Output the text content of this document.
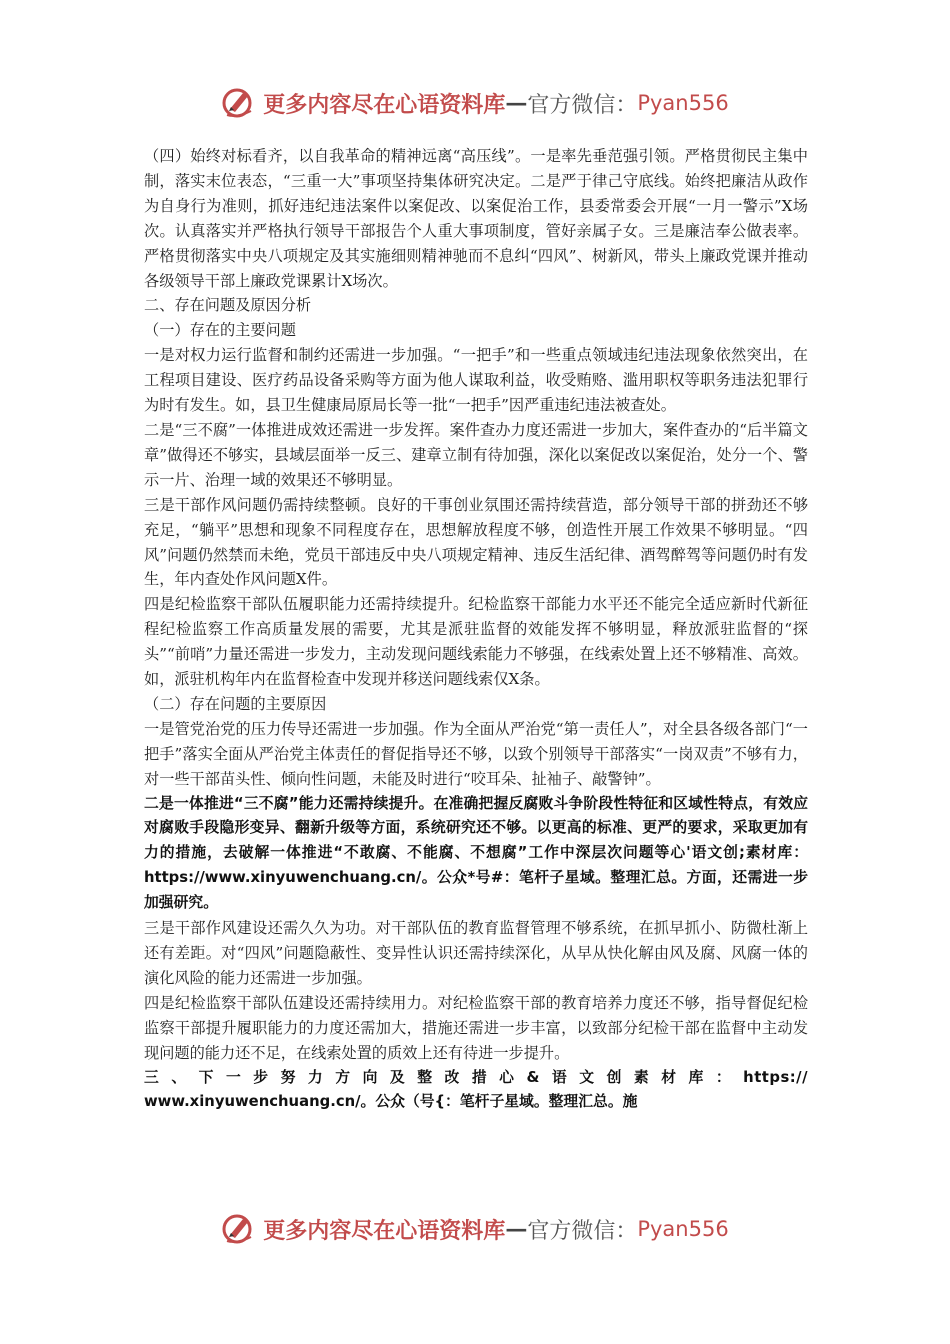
更多内容尽在心语资料库 — 官方微信： Pyan556

（四）始终对标看齐，以自我革命的精神远离“高压线”。一是率先垂范强引领。严格贯彻民主集中制，落实末位表态，“三重一大”事项坚持集体研究决定。二是严于律己守底线。始终把廉洁从政作为自身行为准则，抓好违纪违法案件以案促改、以案促治工作，县委常委会开展“一月一警示”X场次。认真落实并严格执行领导干部报告个人重大事项制度，管好亲属子女。三是廉洁奉公做表率。严格贯彻落实中央八项规定及其实施细则精神驰而不息纠“四风”、树新风，带头上廉政党课并推动各级领导干部上廉政党课累计X场次。

二、存在问题及原因分析

（一）存在的主要问题

一是对权力运行监督和制约还需进一步加强。“一把手”和一些重点领域违纪违法现象依然突出，在工程项目建设、医疗药品设备采购等方面为他人谋取利益，收受贿赂、滥用职权等职务违法犯罪行为时有发生。如，县卫生健康局原局长等一批“一把手”因严重违纪违法被查处。

二是“三不腐”一体推进成效还需进一步发挥。案件查办力度还需进一步加大，案件查办的“后半篇文章”做得还不够实，县域层面举一反三、建章立制有待加强，深化以案促改以案促治，处分一个、警示一片、治理一域的效果还不够明显。

三是干部作风问题仍需持续整顿。良好的干事创业氛围还需持续营造，部分领导干部的拼劲还不够充足，“躺平”思想和现象不同程度存在，思想解放程度不够，创造性开展工作效果不够明显。“四风”问题仍然禁而未绝，党员干部违反中央八项规定精神、违反生活纪律、酒驾醉驾等问题仍时有发生，年内查处作风问题X件。

四是纪检监察干部队伍履职能力还需持续提升。纪检监察干部能力水平还不能完全适应新时代新征程纪检监察工作高质量发展的需要，尤其是派驻监督的效能发挥不够明显，释放派驻监督的“探头”“前哨”力量还需进一步发力，主动发现问题线索能力不够强，在线索处置上还不够精准、高效。如，派驻机构年内在监督检查中发现并移送问题线索仅X条。

（二）存在问题的主要原因

一是管党治党的压力传导还需进一步加强。作为全面从严治党“第一责任人”，对全县各级各部门“一把手”落实全面从严治党主体责任的督促指导还不够，以致个别领导干部落实“一岗双责”不够有力，对一些干部苗头性、倾向性问题，未能及时进行“咬耳朵、扯袖子、敲警钟”。

二是一体推进“三不腐”能力还需持续提升。在准确把握反腐败斗争阶段性特征和区域性特点，有效应对腐败手段隐形变异、翻新升级等方面，系统研究还不够。以更高的标准、更严的要求，采取更加有力的措施，去破解一体推进“不敢腐、不能腐、不想腐”工作中深层次问题等心'语文创;素材库：https://www.xinyuwenchuang.cn/。公众*号#：笔杆子星域。整理汇总。方面，还需进一步加强研究。

三是干部作风建设还需久久为功。对干部队伍的教育监督管理不够系统，在抓早抓小、防微杜渐上还有差距。对“四风”问题隐蔽性、变异性认识还需持续深化，从早从快化解由风及腐、风腐一体的演化风险的能力还需进一步加强。

四是纪检监察干部队伍建设还需持续用力。对纪检监察干部的教育培养力度还不够，指导督促纪检监察干部提升履职能力的力度还需加大，措施还需进一步丰富，以致部分纪检干部在监督中主动发现问题的能力还不足，在线索处置的质效上还有待进一步提升。

三、下一步努力方向及整改措心&语文创素材库：https://

www.xinyuwenchuang.cn/。公众（号{：笔杆子星域。整理汇总。施

更多内容尽在心语资料库 — 官方微信： Pyan556
